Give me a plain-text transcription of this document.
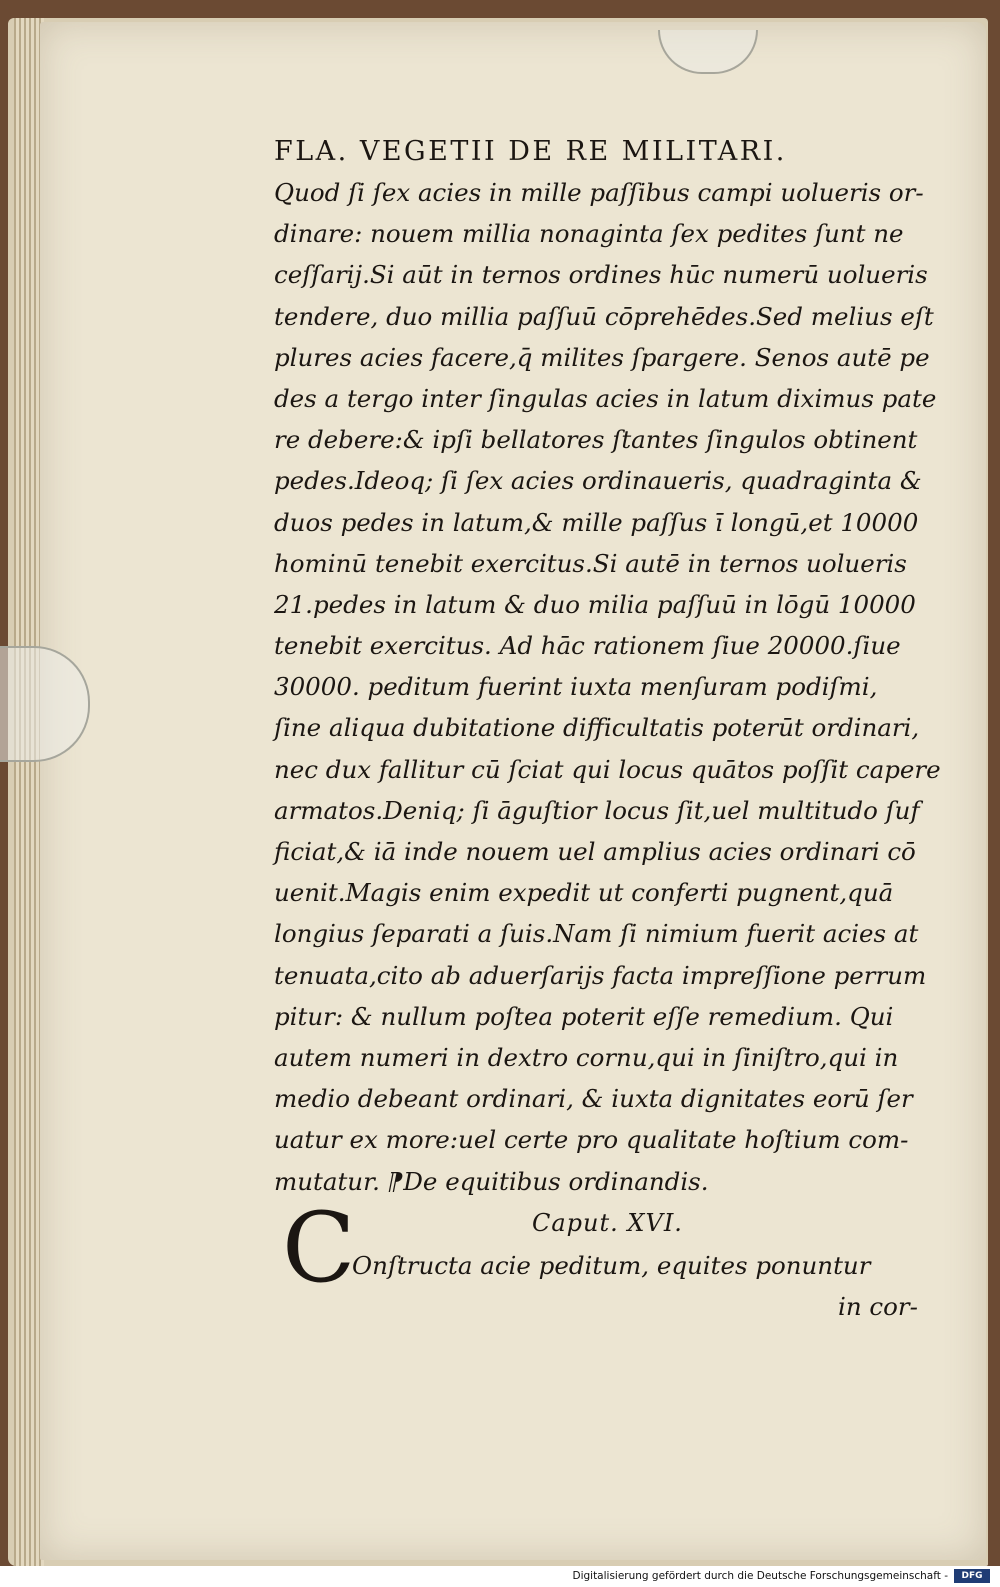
FLA. VEGETII DE RE MILITARI.
Quod ſi ſex acies in mille paſſibus campi uolueris or-
dinare: nouem millia nonaginta ſex pedites ſunt ne
ceſſarij.Si aūt in ternos ordines hūc numerū uolueris
tendere, duo millia paſſuū cōprehēdes.Sed melius eſt
plures acies facere,q̄ milites ſpargere. Senos autē pe
des a tergo inter ſingulas acies in latum diximus pate
re debere:& ipſi bellatores ſtantes ſingulos obtinent
pedes.Ideoq; ſi ſex acies ordinaueris, quadraginta &
duos pedes in latum,& mille paſſus ī longū,et 10000
hominū tenebit exercitus.Si autē in ternos uolueris
21.pedes in latum & duo milia paſſuū in lōgū 10000
tenebit exercitus. Ad hāc rationem ſiue 20000.ſiue
30000. peditum fuerint iuxta menſuram podiſmi,
ſine aliqua dubitatione difficultatis poterūt ordinari,
nec dux fallitur cū ſciat qui locus quātos poſſit capere
armatos.Deniq; ſi āguſtior locus ſit,uel multitudo ſuf
ficiat,& iā inde nouem uel amplius acies ordinari cō
uenit.Magis enim expedit ut conferti pugnent,quā
longius ſeparati a ſuis.Nam ſi nimium fuerit acies at
tenuata,cito ab aduerſarijs facta impreſſione perrum
pitur: & nullum poſtea poterit eſſe remedium. Qui
autem numeri in dextro cornu,qui in ſiniſtro,qui in
medio debeant ordinari, & iuxta dignitates eorū ſer
uatur ex more:uel certe pro qualitate hoſtium com-
mutatur. ⁋De equitibus ordinandis.
Caput. XVI.
C
Onſtructa acie peditum, equites ponuntur
in cor-
Digitalisierung gefördert durch die Deutsche Forschungsgemeinschaft -	DFG
